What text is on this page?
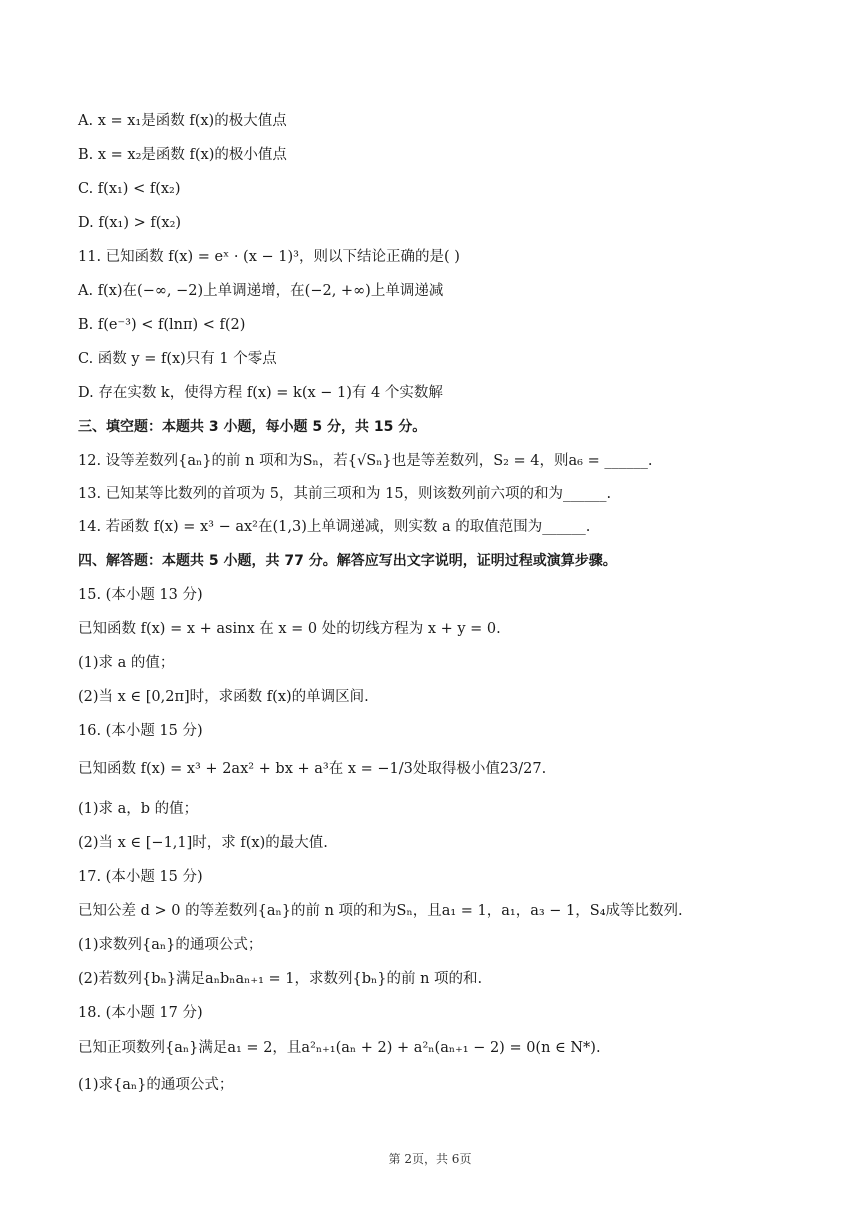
A. x = x₁是函数 f(x)的极大值点
B. x = x₂是函数 f(x)的极小值点
C. f(x₁) < f(x₂)
D. f(x₁) > f(x₂)
11. 已知函数 f(x) = eˣ · (x − 1)³，则以下结论正确的是( )
A. f(x)在(−∞, −2)上单调递增，在(−2, +∞)上单调递减
B. f(e⁻³) < f(lnπ) < f(2)
C. 函数 y = f(x)只有 1 个零点
D. 存在实数 k，使得方程 f(x) = k(x − 1)有 4 个实数解
三、填空题：本题共 3 小题，每小题 5 分，共 15 分。
12. 设等差数列{aₙ}的前 n 项和为Sₙ，若{√Sₙ}也是等差数列，S₂ = 4，则a₆ = ______.
13. 已知某等比数列的首项为 5，其前三项和为 15，则该数列前六项的和为______.
14. 若函数 f(x) = x³ − ax²在(1,3)上单调递减，则实数 a 的取值范围为______.
四、解答题：本题共 5 小题，共 77 分。解答应写出文字说明，证明过程或演算步骤。
15. (本小题 13 分)
已知函数 f(x) = x + asinx 在 x = 0 处的切线方程为 x + y = 0.
(1)求 a 的值；
(2)当 x ∈ [0,2π]时，求函数 f(x)的单调区间.
16. (本小题 15 分)
已知函数 f(x) = x³ + 2ax² + bx + a³在 x = −1/3处取得极小值23/27.
(1)求 a，b 的值；
(2)当 x ∈ [−1,1]时，求 f(x)的最大值.
17. (本小题 15 分)
已知公差 d > 0 的等差数列{aₙ}的前 n 项的和为Sₙ，且a₁ = 1，a₁，a₃ − 1，S₄成等比数列.
(1)求数列{aₙ}的通项公式；
(2)若数列{bₙ}满足aₙbₙaₙ₊₁ = 1，求数列{bₙ}的前 n 项的和.
18. (本小题 17 分)
已知正项数列{aₙ}满足a₁ = 2，且a²ₙ₊₁(aₙ + 2) + a²ₙ(aₙ₊₁ − 2) = 0(n ∈ N*).
(1)求{aₙ}的通项公式；
第 2页，共 6页
